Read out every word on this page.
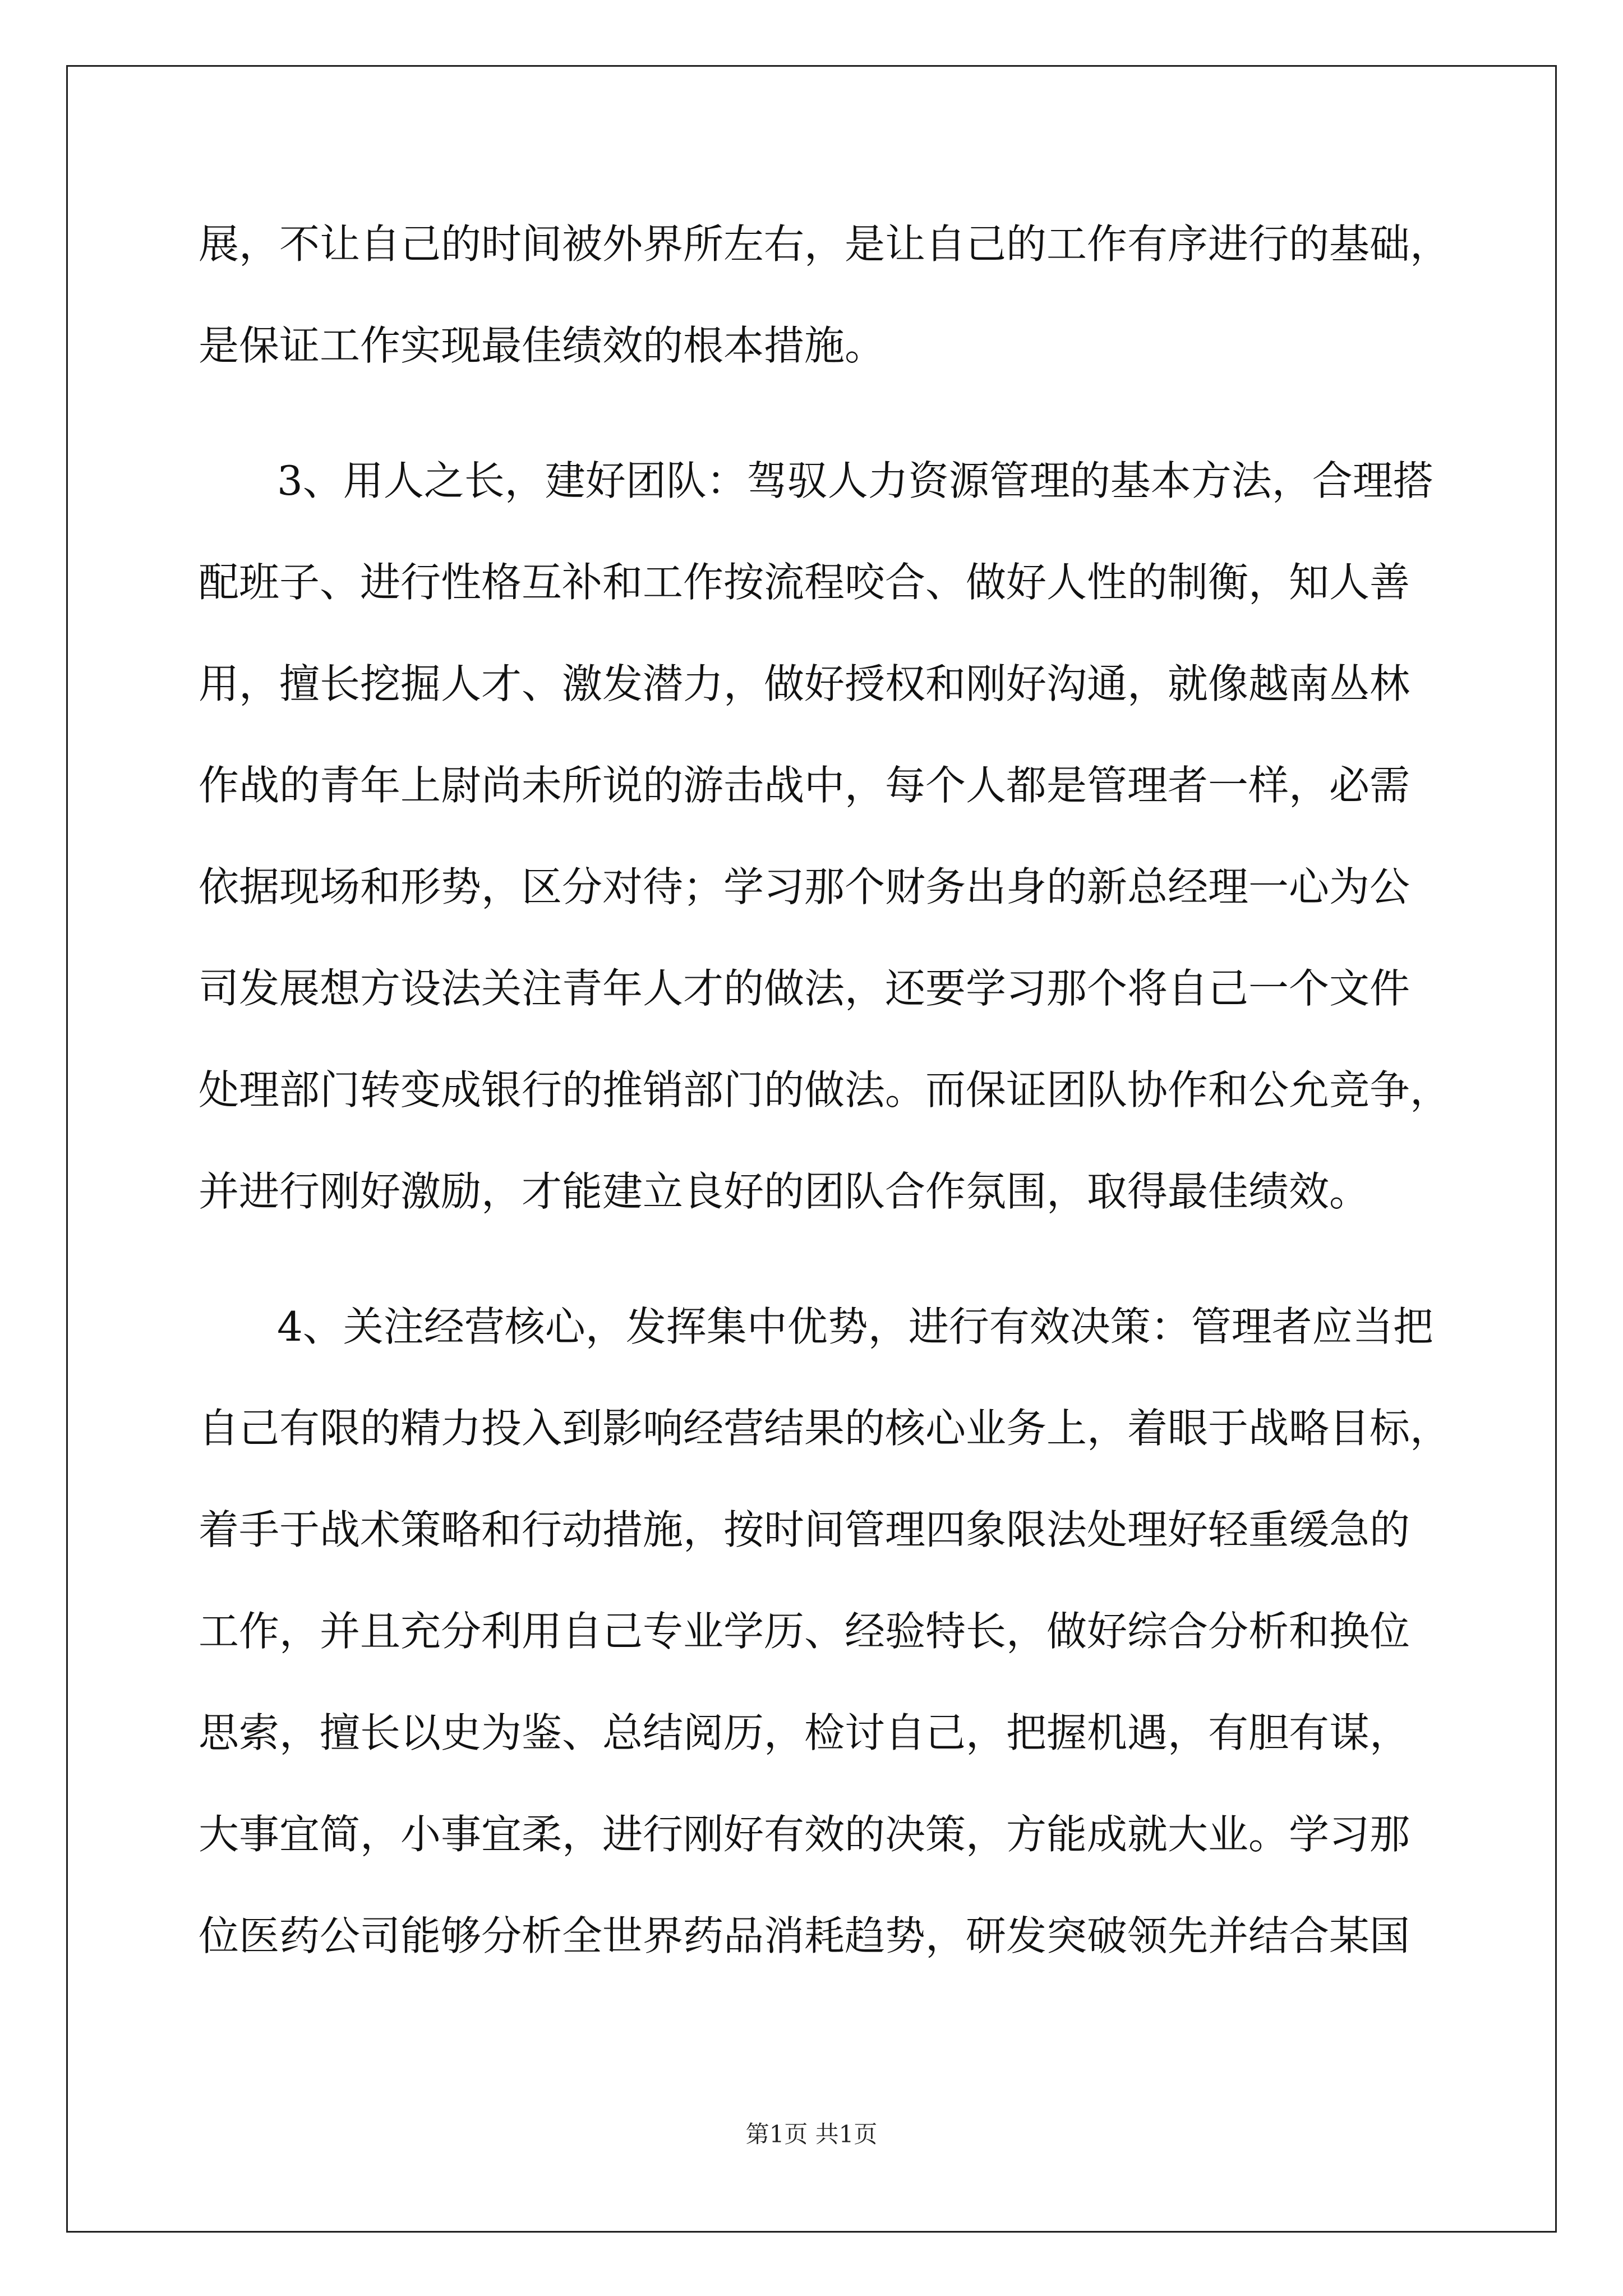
展，不让自己的时间被外界所左右，是让自己的工作有序进行的基础，
是保证工作实现最佳绩效的根本措施。
3、用人之长，建好团队：驾驭人力资源管理的基本方法，合理搭
配班子、进行性格互补和工作按流程咬合、做好人性的制衡，知人善
用，擅长挖掘人才、激发潜力，做好授权和刚好沟通，就像越南丛林
作战的青年上尉尚未所说的游击战中，每个人都是管理者一样，必需
依据现场和形势，区分对待；学习那个财务出身的新总经理一心为公
司发展想方设法关注青年人才的做法，还要学习那个将自己一个文件
处理部门转变成银行的推销部门的做法。而保证团队协作和公允竞争，
并进行刚好激励，才能建立良好的团队合作氛围，取得最佳绩效。
4、关注经营核心，发挥集中优势，进行有效决策：管理者应当把
自己有限的精力投入到影响经营结果的核心业务上，着眼于战略目标，
着手于战术策略和行动措施，按时间管理四象限法处理好轻重缓急的
工作，并且充分利用自己专业学历、经验特长，做好综合分析和换位
思索，擅长以史为鉴、总结阅历，检讨自己，把握机遇，有胆有谋，
大事宜简，小事宜柔，进行刚好有效的决策，方能成就大业。学习那
位医药公司能够分析全世界药品消耗趋势，研发突破领先并结合某国
第1页 共1页
